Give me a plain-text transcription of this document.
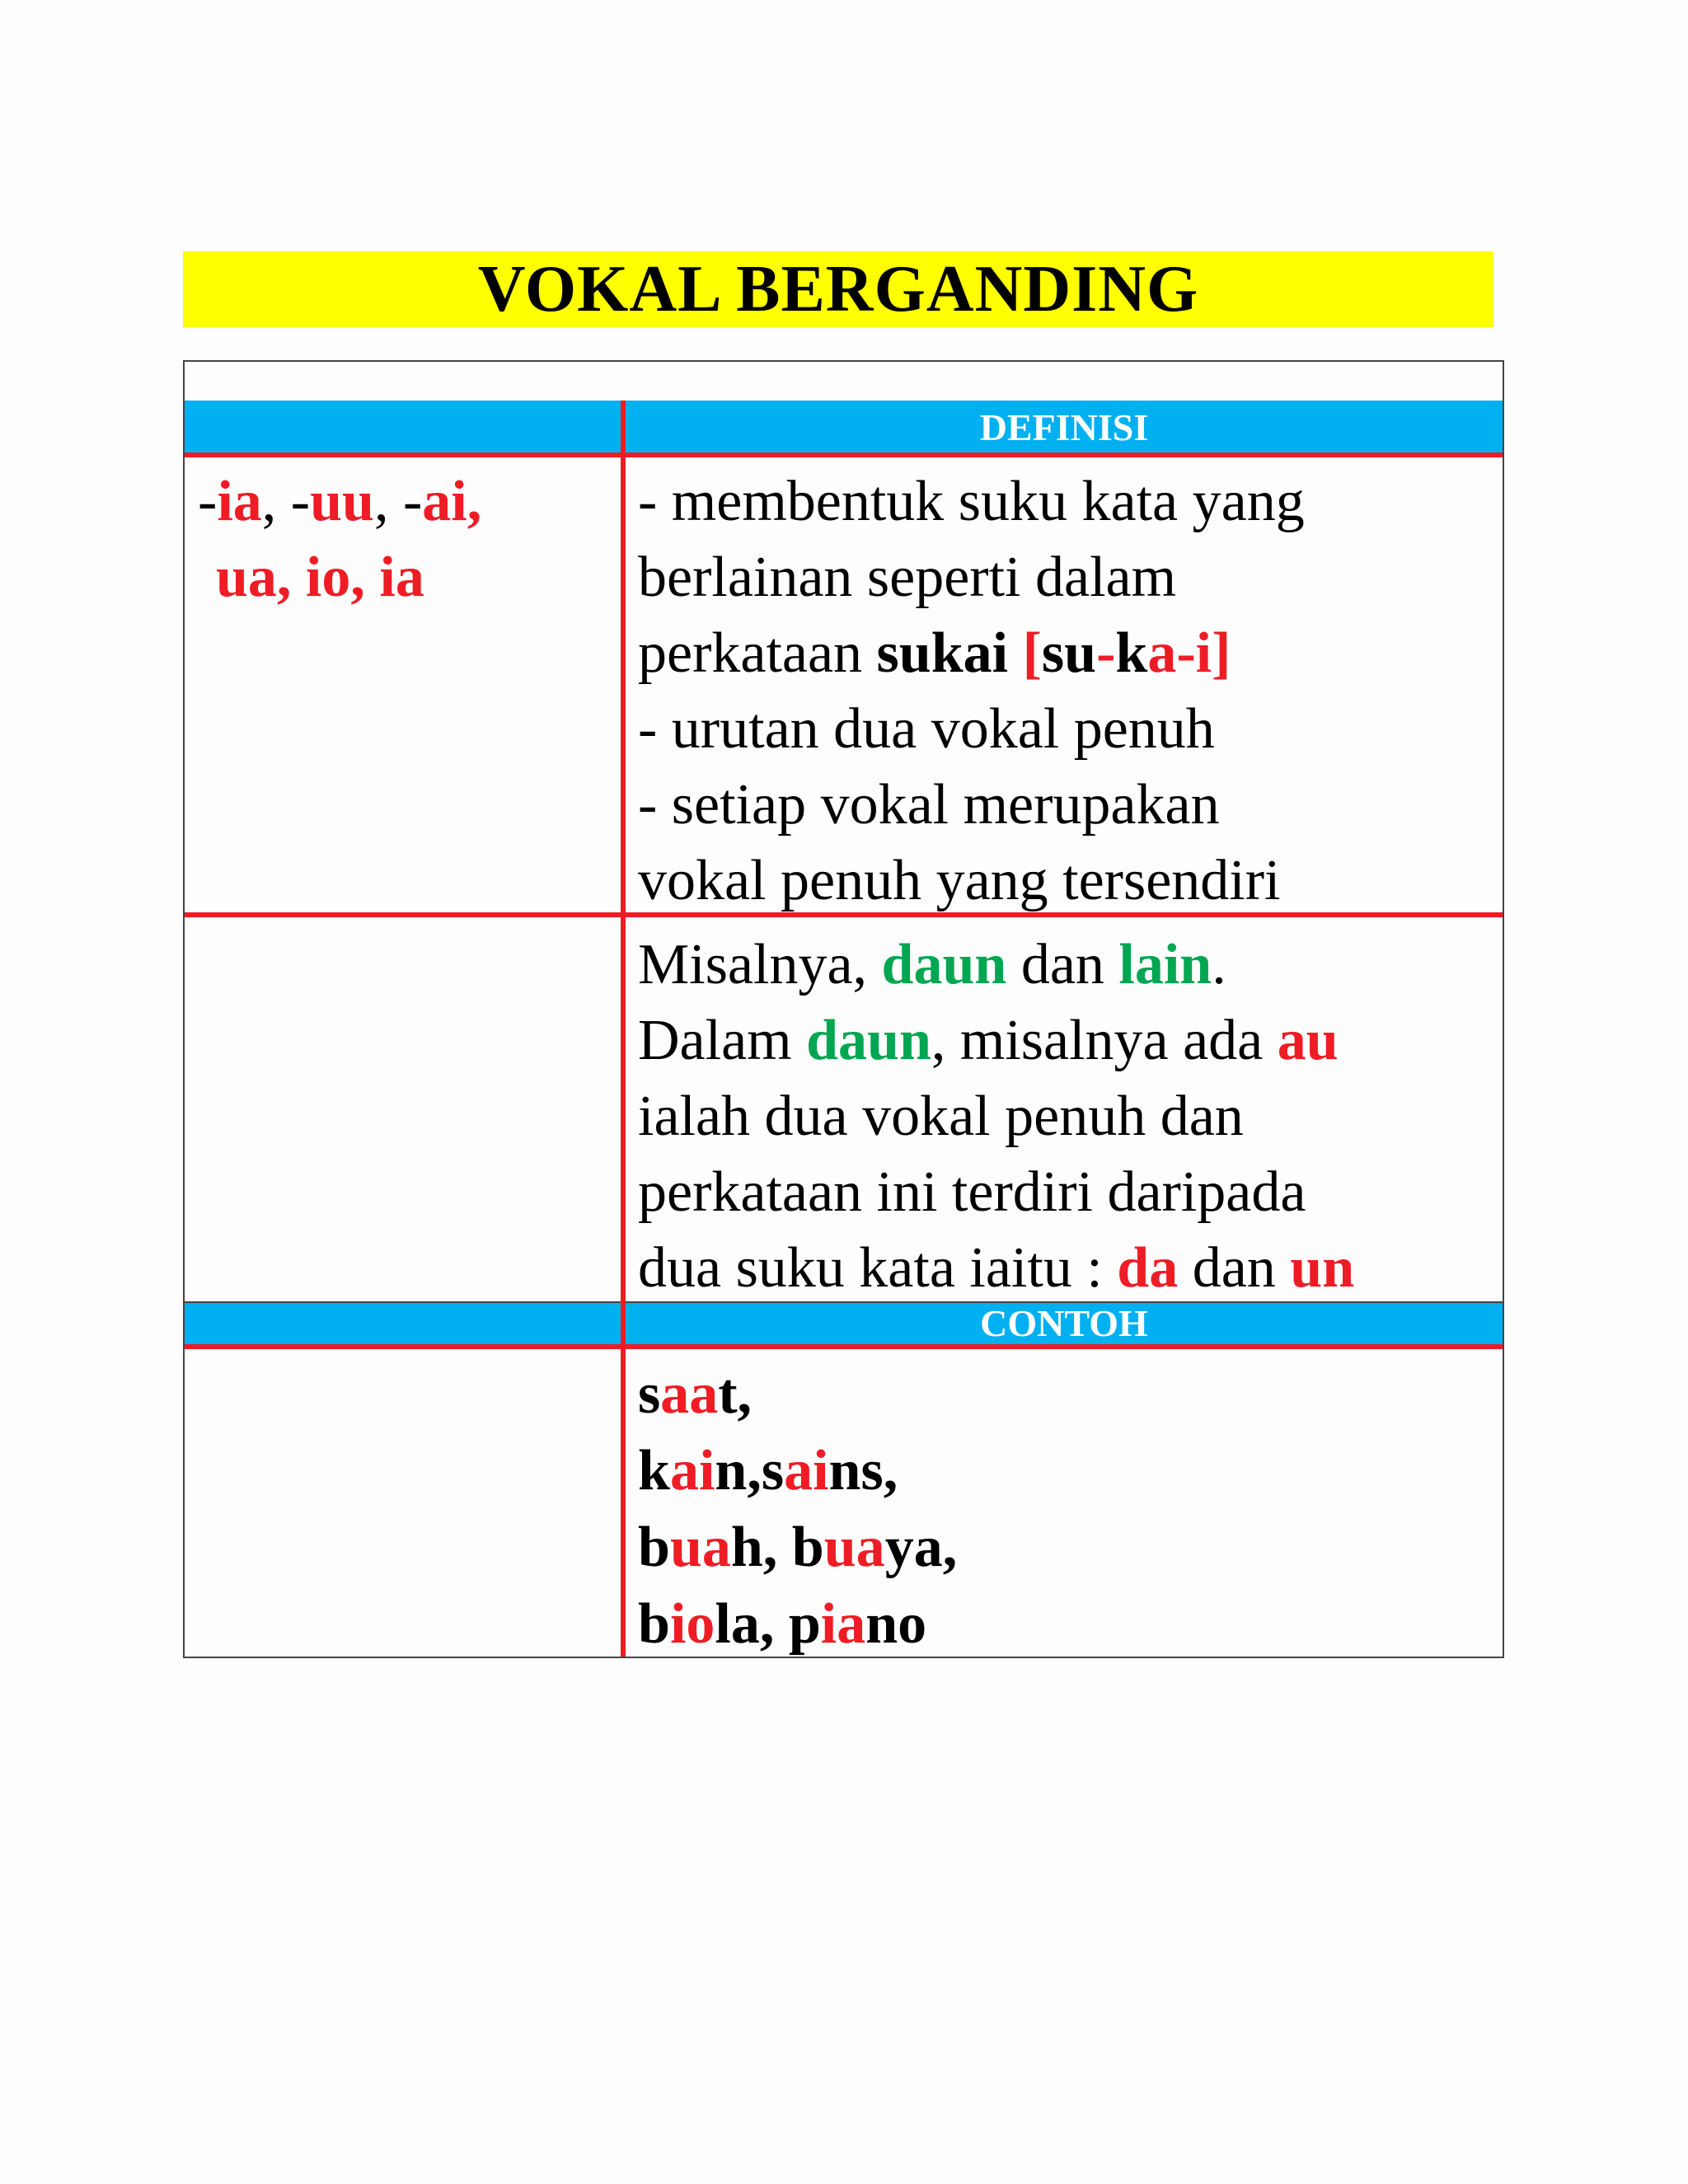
VOKAL BERGANDING
DEFINISI
-ia, -uu, -ai,
ua, io, ia
- membentuk suku kata yang
berlainan seperti dalam
perkataan sukai [su-ka-i]
- urutan dua vokal penuh
- setiap vokal merupakan
vokal penuh yang tersendiri
Misalnya, daun dan lain.
Dalam daun, misalnya ada au
ialah dua vokal penuh dan
perkataan ini terdiri daripada
dua suku kata iaitu : da dan un
CONTOH
saat,
kain,sains,
buah, buaya,
biola, piano
